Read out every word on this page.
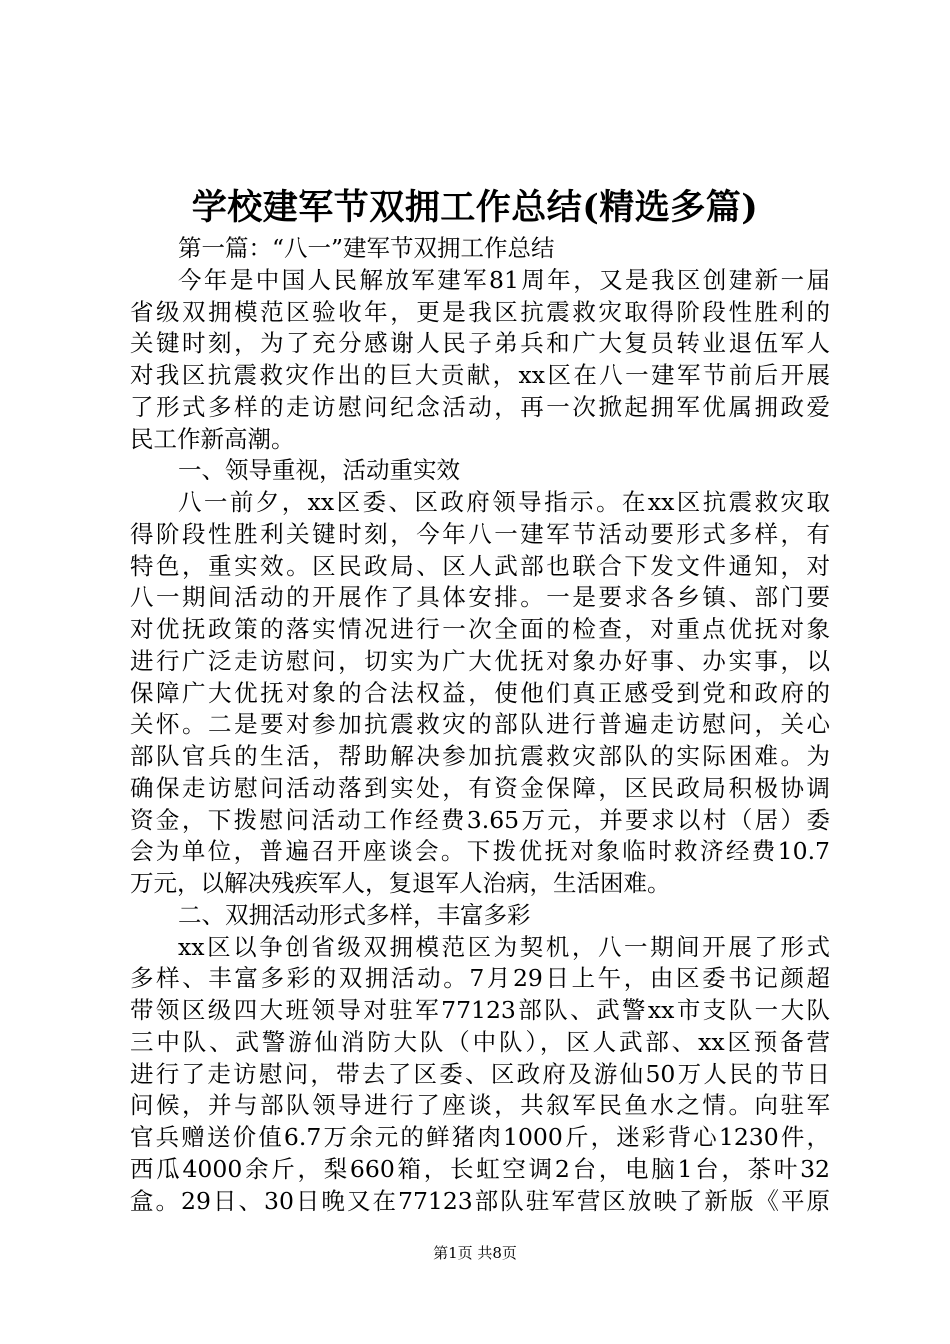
学校建军节双拥工作总结(精选多篇)
第一篇：“八一”建军节双拥工作总结
今年是中国人民解放军建军81周年，又是我区创建新一届
省级双拥模范区验收年，更是我区抗震救灾取得阶段性胜利的
关键时刻，为了充分感谢人民子弟兵和广大复员转业退伍军人
对我区抗震救灾作出的巨大贡献，xx区在八一建军节前后开展
了形式多样的走访慰问纪念活动，再一次掀起拥军优属拥政爱
民工作新高潮。
一、领导重视，活动重实效
八一前夕，xx区委、区政府领导指示。在xx区抗震救灾取
得阶段性胜利关键时刻，今年八一建军节活动要形式多样，有
特色，重实效。区民政局、区人武部也联合下发文件通知，对
八一期间活动的开展作了具体安排。一是要求各乡镇、部门要
对优抚政策的落实情况进行一次全面的检查，对重点优抚对象
进行广泛走访慰问，切实为广大优抚对象办好事、办实事，以
保障广大优抚对象的合法权益，使他们真正感受到党和政府的
关怀。二是要对参加抗震救灾的部队进行普遍走访慰问，关心
部队官兵的生活，帮助解决参加抗震救灾部队的实际困难。为
确保走访慰问活动落到实处，有资金保障，区民政局积极协调
资金，下拨慰问活动工作经费3.65万元，并要求以村（居）委
会为单位，普遍召开座谈会。下拨优抚对象临时救济经费10.7
万元，以解决残疾军人，复退军人治病，生活困难。
二、双拥活动形式多样，丰富多彩
xx区以争创省级双拥模范区为契机，八一期间开展了形式
多样、丰富多彩的双拥活动。7月29日上午，由区委书记颜超
带领区级四大班领导对驻军77123部队、武警xx市支队一大队
三中队、武警游仙消防大队（中队），区人武部、xx区预备营
进行了走访慰问，带去了区委、区政府及游仙50万人民的节日
问候，并与部队领导进行了座谈，共叙军民鱼水之情。向驻军
官兵赠送价值6.7万余元的鲜猪肉1000斤，迷彩背心1230件，
西瓜4000余斤，梨660箱，长虹空调2台，电脑1台，茶叶32
盒。29日、30日晚又在77123部队驻军营区放映了新版《平原
第1页 共8页
